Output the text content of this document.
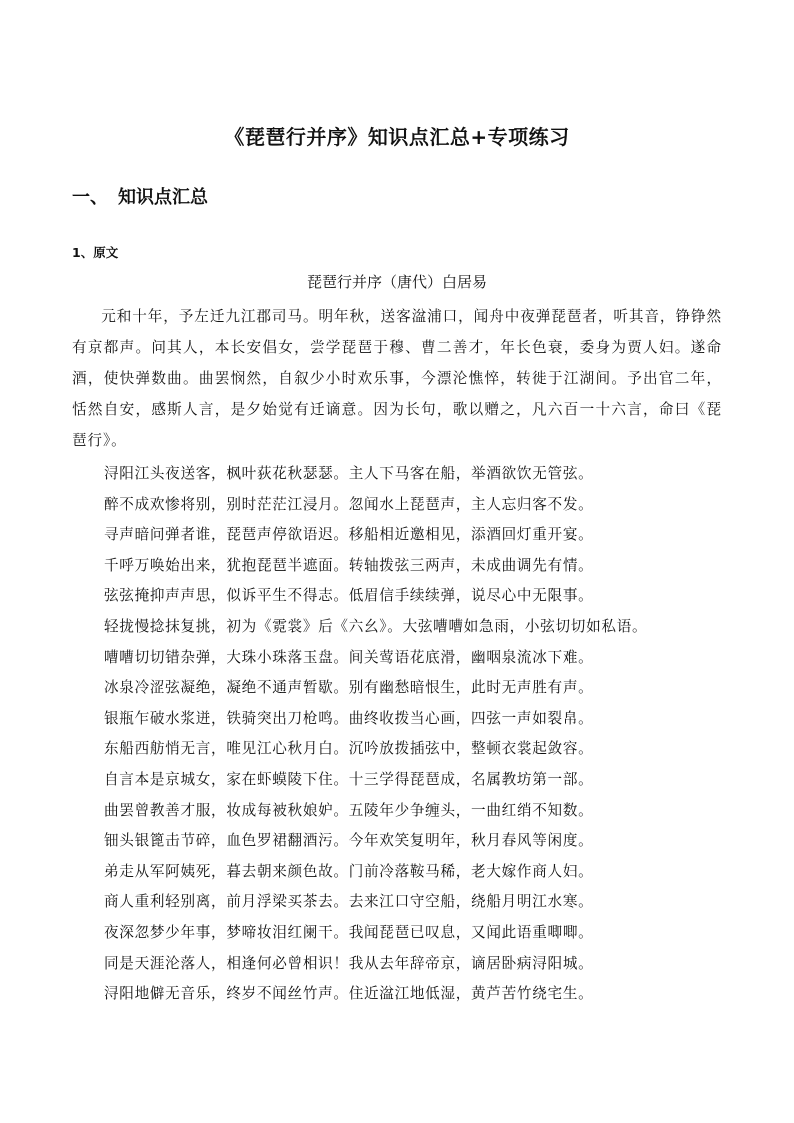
《琵琶行并序》知识点汇总+专项练习
一、 知识点汇总
1、原文
琵琶行并序（唐代）白居易
元和十年，予左迁九江郡司马。明年秋，送客湓浦口，闻舟中夜弹琵琶者，听其音，铮铮然有京都声。问其人，本长安倡女，尝学琵琶于穆、曹二善才，年长色衰，委身为贾人妇。遂命酒，使快弹数曲。曲罢悯然，自叙少小时欢乐事，今漂沦憔悴，转徙于江湖间。予出官二年，恬然自安，感斯人言，是夕始觉有迁谪意。因为长句，歌以赠之，凡六百一十六言，命曰《琵琶行》。
浔阳江头夜送客，枫叶荻花秋瑟瑟。主人下马客在船，举酒欲饮无管弦。
醉不成欢惨将别，别时茫茫江浸月。忽闻水上琵琶声，主人忘归客不发。
寻声暗问弹者谁，琵琶声停欲语迟。移船相近邀相见，添酒回灯重开宴。
千呼万唤始出来，犹抱琵琶半遮面。转轴拨弦三两声，未成曲调先有情。
弦弦掩抑声声思，似诉平生不得志。低眉信手续续弹，说尽心中无限事。
轻拢慢捻抹复挑，初为《霓裳》后《六幺》。大弦嘈嘈如急雨，小弦切切如私语。
嘈嘈切切错杂弹，大珠小珠落玉盘。间关莺语花底滑，幽咽泉流冰下难。
冰泉冷涩弦凝绝，凝绝不通声暂歇。别有幽愁暗恨生，此时无声胜有声。
银瓶乍破水浆迸，铁骑突出刀枪鸣。曲终收拨当心画，四弦一声如裂帛。
东船西舫悄无言，唯见江心秋月白。沉吟放拨插弦中，整顿衣裳起敛容。
自言本是京城女，家在虾蟆陵下住。十三学得琵琶成，名属教坊第一部。
曲罢曾教善才服，妆成每被秋娘妒。五陵年少争缠头，一曲红绡不知数。
钿头银篦击节碎，血色罗裙翻酒污。今年欢笑复明年，秋月春风等闲度。
弟走从军阿姨死，暮去朝来颜色故。门前冷落鞍马稀，老大嫁作商人妇。
商人重利轻别离，前月浮梁买茶去。去来江口守空船，绕船月明江水寒。
夜深忽梦少年事，梦啼妆泪红阑干。我闻琵琶已叹息，又闻此语重唧唧。
同是天涯沦落人，相逢何必曾相识！我从去年辞帝京，谪居卧病浔阳城。
浔阳地僻无音乐，终岁不闻丝竹声。住近湓江地低湿，黄芦苦竹绕宅生。
